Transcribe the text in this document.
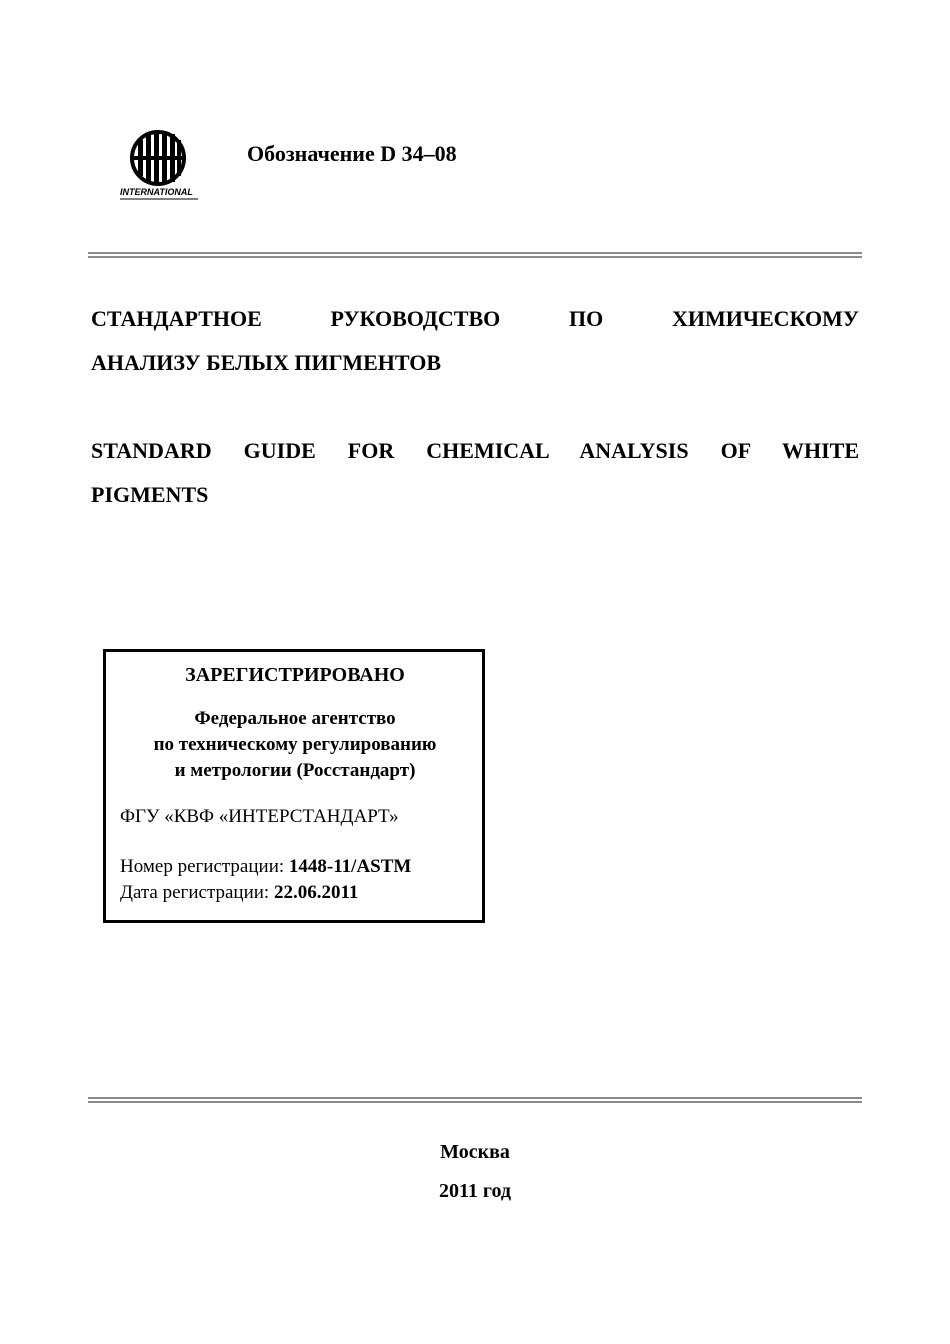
INTERNATIONAL
Обозначение D 34–08
СТАНДАРТНОЕ РУКОВОДСТВО ПО ХИМИЧЕСКОМУ
АНАЛИЗУ БЕЛЫХ ПИГМЕНТОВ
STANDARD GUIDE FOR CHEMICAL ANALYSIS OF WHITE
PIGMENTS
ЗАРЕГИСТРИРОВАНО
Федеральное агентство
по техническому регулированию
и метрологии (Росстандарт)
ФГУ «КВФ «ИНТЕРСТАНДАРТ»
Номер регистрации: 1448-11/ASTM
Дата регистрации: 22.06.2011
Москва
2011 год
